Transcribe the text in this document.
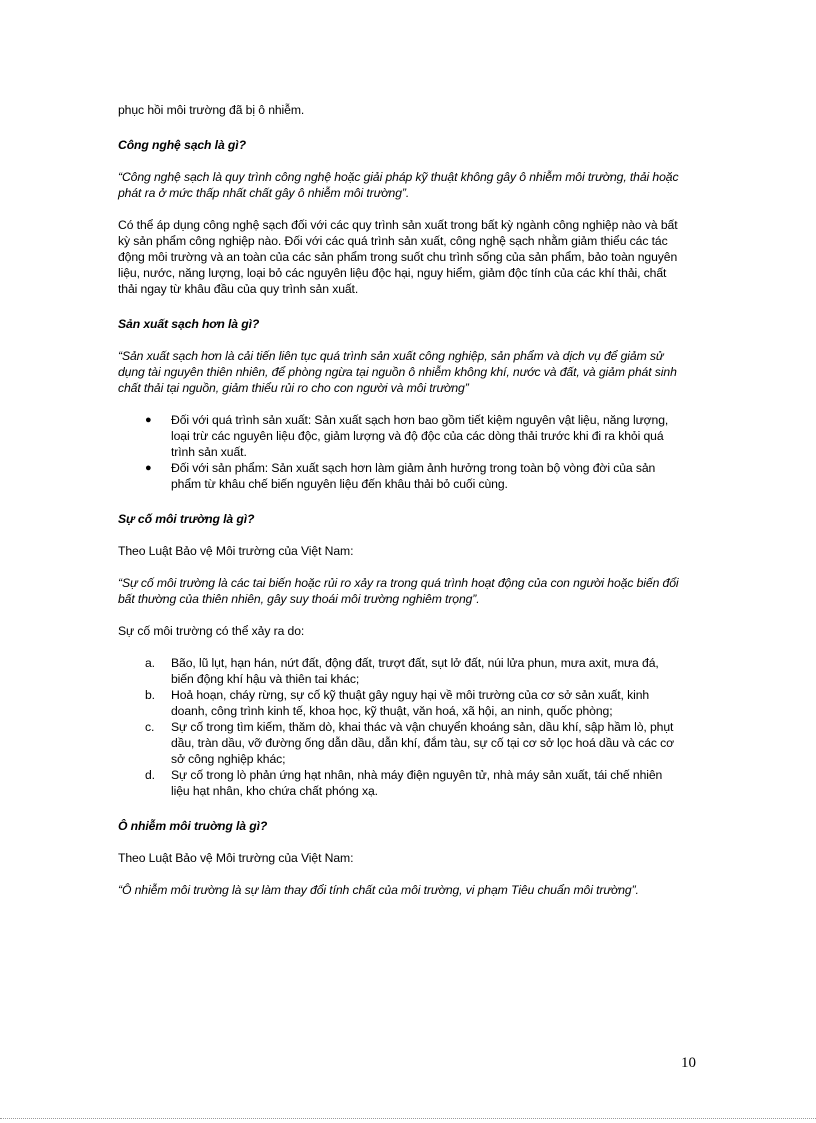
phục hồi môi trường đã bị ô nhiễm.

Công nghệ sạch là gì?

“Công nghệ sạch là quy trình công nghệ hoặc giải pháp kỹ thuật không gây ô nhiễm môi trường, thải hoặc phát ra ở mức thấp nhất chất gây ô nhiễm môi trường”.

Có thể áp dụng công nghệ sạch đối với các quy trình sản xuất trong bất kỳ ngành công nghiệp nào và bất kỳ sản phẩm công nghiệp nào. Đối với các quá trình sản xuất, công nghệ sạch nhằm giảm thiểu các tác động môi trường và an toàn của các sản phẩm trong suốt chu trình sống của sản phẩm, bảo toàn nguyên liệu, nước, năng lượng, loại bỏ các nguyên liệu độc hại, nguy hiểm, giảm độc tính của các khí thải, chất thải ngay từ khâu đầu của quy trình sản xuất.

Sản xuất sạch hơn là gì?

“Sản xuất sạch hơn là cải tiến liên tục quá trình sản xuất công nghiệp, sản phẩm và dịch vụ để giảm sử dụng tài nguyên thiên nhiên, để phòng ngừa tại nguồn ô nhiễm không khí, nước và đất, và giảm phát sinh chất thải tại nguồn, giảm thiểu rủi ro cho con người và môi trường”

● Đối với quá trình sản xuất: Sản xuất sạch hơn bao gồm tiết kiệm nguyên vật liệu, năng lượng, loại trừ các nguyên liệu độc, giảm lượng và độ độc của các dòng thải trước khi đi ra khỏi quá trình sản xuất.
● Đối với sản phẩm: Sản xuất sạch hơn làm giảm ảnh hưởng trong toàn bộ vòng đời của sản phẩm từ khâu chế biến nguyên liệu đến khâu thải bỏ cuối cùng.

Sự cố môi trường là gì?

Theo Luật Bảo vệ Môi trường của Việt Nam:

“Sự cố môi trường là các tai biến hoặc rủi ro xảy ra trong quá trình hoạt động của con người hoặc biến đổi bất thường của thiên nhiên, gây suy thoái môi trường nghiêm trọng”.

Sự cố môi trường có thể xảy ra do:

a. Bão, lũ lụt, hạn hán, nứt đất, động đất, trượt đất, sụt lở đất, núi lửa phun, mưa axit, mưa đá, biến động khí hậu và thiên tai khác;
b. Hoả hoạn, cháy rừng, sự cố kỹ thuật gây nguy hại về môi trường của cơ sở sản xuất, kinh doanh, công trình kinh tế, khoa học, kỹ thuật, văn hoá, xã hội, an ninh, quốc phòng;
c. Sự cố trong tìm kiếm, thăm dò, khai thác và vận chuyển khoáng sản, dầu khí, sập hầm lò, phụt dầu, tràn dầu, vỡ đường ống dẫn dầu, dẫn khí, đắm tàu, sự cố tại cơ sở lọc hoá dầu và các cơ sở công nghiệp khác;
d. Sự cố trong lò phản ứng hạt nhân, nhà máy điện nguyên tử, nhà máy sản xuất, tái chế nhiên liệu hạt nhân, kho chứa chất phóng xạ.

Ô nhiễm môi truờng là gì?

Theo Luật Bảo vệ Môi trường của Việt Nam:

“Ô nhiễm môi trường là sự làm thay đổi tính chất của môi trường, vi phạm Tiêu chuẩn môi trường”.

10
